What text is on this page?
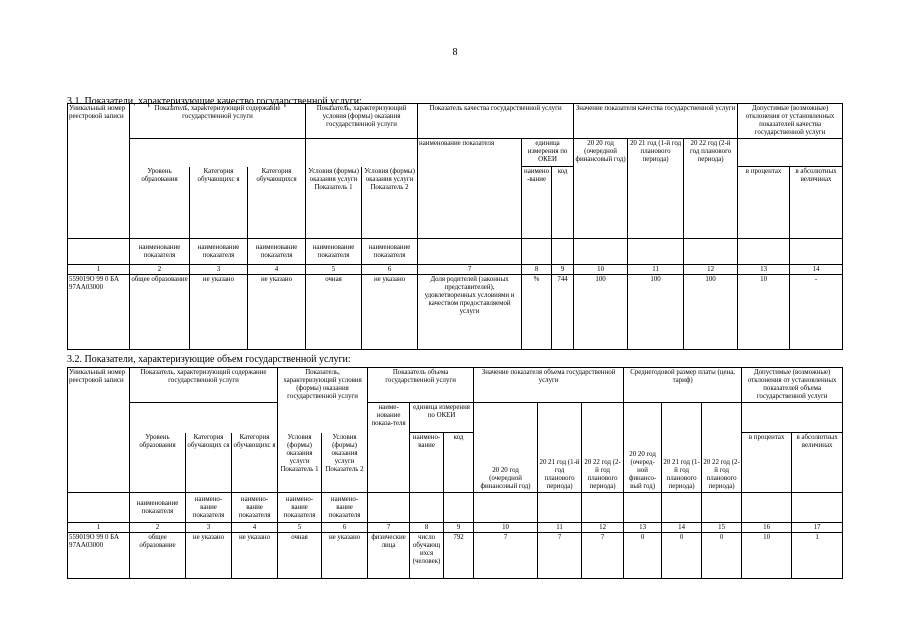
8
3.1. Показатели, характеризующие качество государственной услуги:
Уникальный номер реестровой записи	Показатель, характеризующий содержание государственной услуги			Показатель, характеризующий условия (формы) оказания государственной услуги		Показатель качества государственной услуги			Значение показателя качества государственной услуги			Допустимые (возможные) отклонения от установленных показателей качества государственной услуги	
						наименование показателя	единица измерения по ОКЕИ		20 20 год (очередной финансовый год)	20 21 год (1-й год планового периода)	20 22 год (2-й год планового периода)		
							наимено-вание	код				в процентах	в абсолютных величинах
	Уровень образования	Категория обучающихс я	Категория обучающихся	Условия (формы) оказания услуги Показатель 1	Условия (формы) оказания услуги Показатель 2								
	наименование показателя	наименование показателя	наименование показателя	наименование показателя	наименование показателя								
1	2	3	4	5	6	7	8	9	10	11	12	13	14
559019О 99 0 БА 97АА03000	общее образование	не указано	не указано	очная	не указано	Доля родителей (законных представителей), удовлетворенных условиями и качеством предоставляемой услуги	%	744	100	100	100	10	-
3.2. Показатели, характеризующие объем государственной услуги:
Уникальный номер реестровой записи	Показатель, характеризующий содержание государственной услуги			Показатель, характеризующий условия (формы) оказания государственной услуги		Показатель объема государственной услуги			Значение показателя объема государственной услуги			Среднегодовой размер платы (цена, тариф)			Допустимые (возможные) отклонения от установленных показателей объема государственной услуги	
						наиме-нование показа-теля	единица измерения по ОКЕИ		20 20 год (очередной финансовый год)	20 21 год (1-й год планового периода)	20 22 год (2-й год планового периода)	20 20 год (очеред-ной финансо-вый год)	20 21 год (1-й год планового периода)	20 22 год (2-й год планового периода)		
							наимено-вание	код							в процентах	в абсолютных величинах
	Уровень образования	Категория обучающих ся	Категория обучающихс я	Условия (формы) оказания услуги Показатель 1	Условия (формы) оказания услуги Показатель 2											
	наименование показателя	наимено-вание показателя	наимено-вание показателя	наимено-вание показателя	наимено-вание показателя											
1	2	3	4	5	6	7	8	9	10	11	12	13	14	15	16	17
559019О 99 0 БА 97АА03000	общее образование	не указано	не указано	очная	не указано	физические лица	число обучающ ихся (человек)	792	7	7	7	0	0	0	10	1
